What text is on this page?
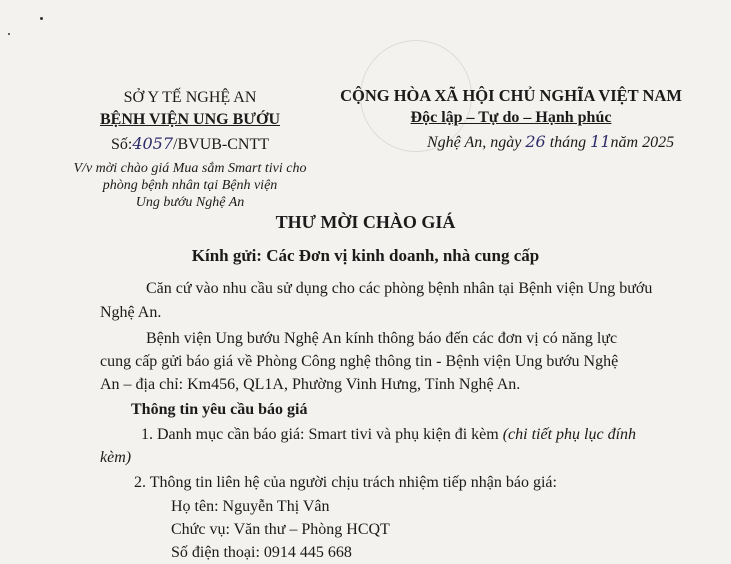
SỞ Y TẾ NGHỆ AN
BỆNH VIỆN UNG BƯỚU
Số:4057/BVUB-CNTT
V/v mời chào giá Mua sắm Smart tivi cho
phòng bệnh nhân tại Bệnh viện
Ung bướu Nghệ An
CỘNG HÒA XÃ HỘI CHỦ NGHĨA VIỆT NAM
Độc lập – Tự do – Hạnh phúc
Nghệ An, ngày 26 tháng 11năm 2025
THƯ MỜI CHÀO GIÁ
Kính gửi: Các Đơn vị kinh doanh, nhà cung cấp
Căn cứ vào nhu cầu sử dụng cho các phòng bệnh nhân tại Bệnh viện Ung bướu
Nghệ An.
Bệnh viện Ung bướu Nghệ An kính thông báo đến các đơn vị có năng lực
cung cấp gửi báo giá về Phòng Công nghệ thông tin - Bệnh viện Ung bướu Nghệ
An – địa chỉ: Km456, QL1A, Phường Vinh Hưng, Tỉnh Nghệ An.
Thông tin yêu cầu báo giá
1. Danh mục cần báo giá: Smart tivi và phụ kiện đi kèm (chi tiết phụ lục đính
kèm)
2. Thông tin liên hệ của người chịu trách nhiệm tiếp nhận báo giá:
Họ tên: Nguyễn Thị Vân
Chức vụ: Văn thư – Phòng HCQT
Số điện thoại: 0914 445 668
